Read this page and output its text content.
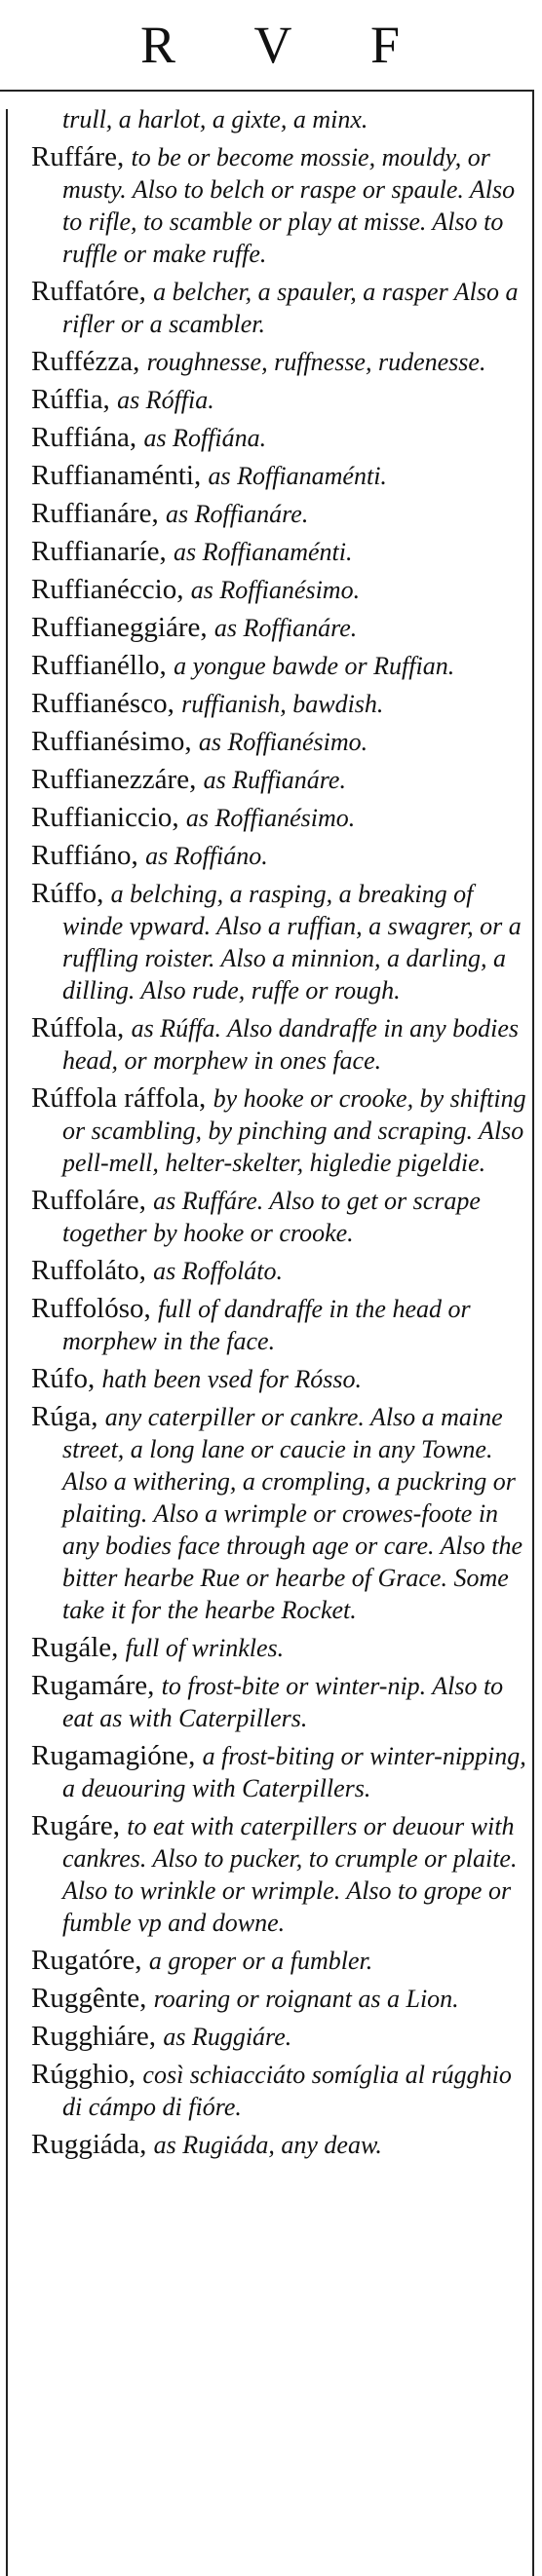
R V F
trull, a harlot, a gixte, a minx.
Ruffáre, to be or become mossie, mouldy, or musty. Also to belch or raspe or spaule. Also to rifle, to scamble or play at misse. Also to ruffle or make ruffe.
Ruffatóre, a belcher, a spauler, a rasper Also a rifler or a scambler.
Ruffézza, roughnesse, ruffnesse, rudenesse.
Rúffia, as Róffia.
Ruffiána, as Roffiána.
Ruffianaménti, as Roffianaménti.
Ruffianáre, as Roffianáre.
Ruffianaríe, as Roffianaménti.
Ruffianéccio, as Roffianésimo.
Ruffianeggiáre, as Roffianáre.
Ruffianéllo, a yongue bawde or Ruffian.
Ruffianésco, ruffianish, bawdish.
Ruffianésimo, as Roffianésimo.
Ruffianezzáre, as Ruffianáre.
Ruffianiccio, as Roffianésimo.
Ruffiáno, as Roffiáno.
Rúffo, a belching, a rasping, a breaking of winde vpward. Also a ruffian, a swagrer, or a ruffling roister. Also a minnion, a darling, a dilling. Also rude, ruffe or rough.
Rúffola, as Rúffa. Also dandraffe in any bodies head, or morphew in ones face.
Rúffola ráffola, by hooke or crooke, by shifting or scambling, by pinching and scraping. Also pell-mell, helter-skelter, higledie pigeldie.
Ruffoláre, as Ruffáre. Also to get or scrape together by hooke or crooke.
Ruffoláto, as Roffoláto.
Ruffolóso, full of dandraffe in the head or morphew in the face.
Rúfo, hath been vsed for Rósso.
Rúga, any caterpiller or cankre. Also a maine street, a long lane or caucie in any Towne. Also a withering, a crompling, a puckring or plaiting. Also a wrimple or crowes-foote in any bodies face through age or care. Also the bitter hearbe Rue or hearbe of Grace. Some take it for the hearbe Rocket.
Rugále, full of wrinkles.
Rugamáre, to frost-bite or winter-nip. Also to eat as with Caterpillers.
Rugamagióne, a frost-biting or winter-nipping, a deuouring with Caterpillers.
Rugáre, to eat with caterpillers or deuour with cankres. Also to pucker, to crumple or plaite. Also to wrinkle or wrimple. Also to grope or fumble vp and downe.
Rugatóre, a groper or a fumbler.
Ruggênte, roaring or roignant as a Lion.
Rugghiáre, as Ruggiáre.
Rúgghio, così schiacciáto somíglia al rúgghio di cámpo di fióre.
Ruggiáda, as Rugiáda, any deaw.
